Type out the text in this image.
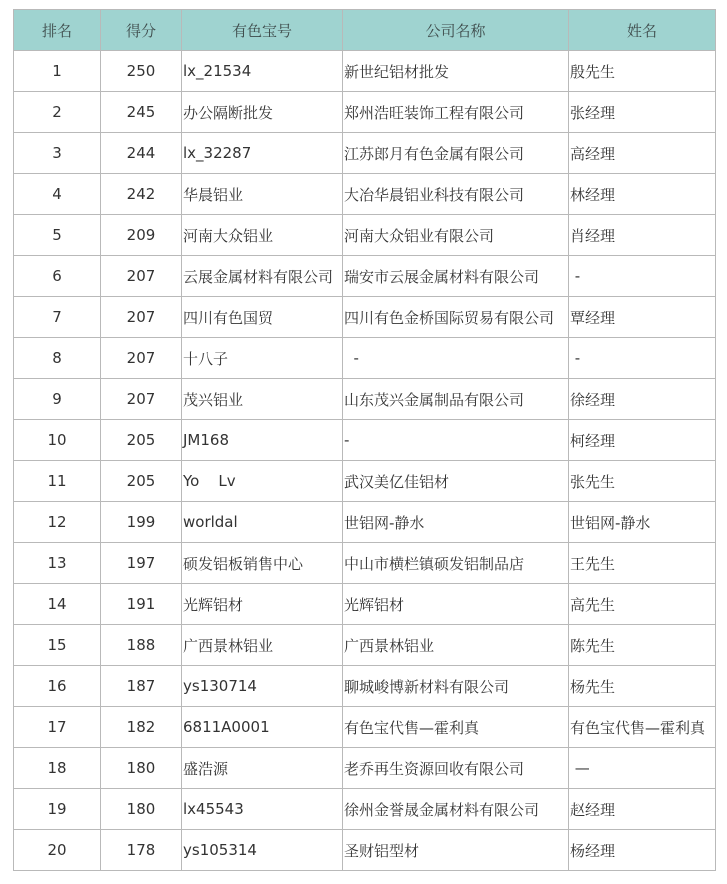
排名	得分	有色宝号	公司名称	姓名
1	250	lx_21534	新世纪铝材批发	殷先生
2	245	办公隔断批发	郑州浩旺装饰工程有限公司	张经理
3	244	lx_32287	江苏郎月有色金属有限公司	高经理
4	242	华晨铝业	大冶华晨铝业科技有限公司	林经理
5	209	河南大众铝业	河南大众铝业有限公司	肖经理
6	207	云展金属材料有限公司	瑞安市云展金属材料有限公司	-
7	207	四川有色国贸	四川有色金桥国际贸易有限公司	覃经理
8	207	十八子	-	-
9	207	茂兴铝业	山东茂兴金属制品有限公司	徐经理
10	205	JM168	-	柯经理
11	205	Yo    Lv	武汉美亿佳铝材	张先生
12	199	worldal	世铝网-静水	世铝网-静水
13	197	硕发铝板销售中心	中山市横栏镇硕发铝制品店	王先生
14	191	光辉铝材	光辉铝材	高先生
15	188	广西景林铝业	广西景林铝业	陈先生
16	187	ys130714	聊城峻博新材料有限公司	杨先生
17	182	6811A0001	有色宝代售—霍利真	有色宝代售—霍利真
18	180	盛浩源	老乔再生资源回收有限公司	—
19	180	lx45543	徐州金誉晟金属材料有限公司	赵经理
20	178	ys105314	圣财铝型材	杨经理
